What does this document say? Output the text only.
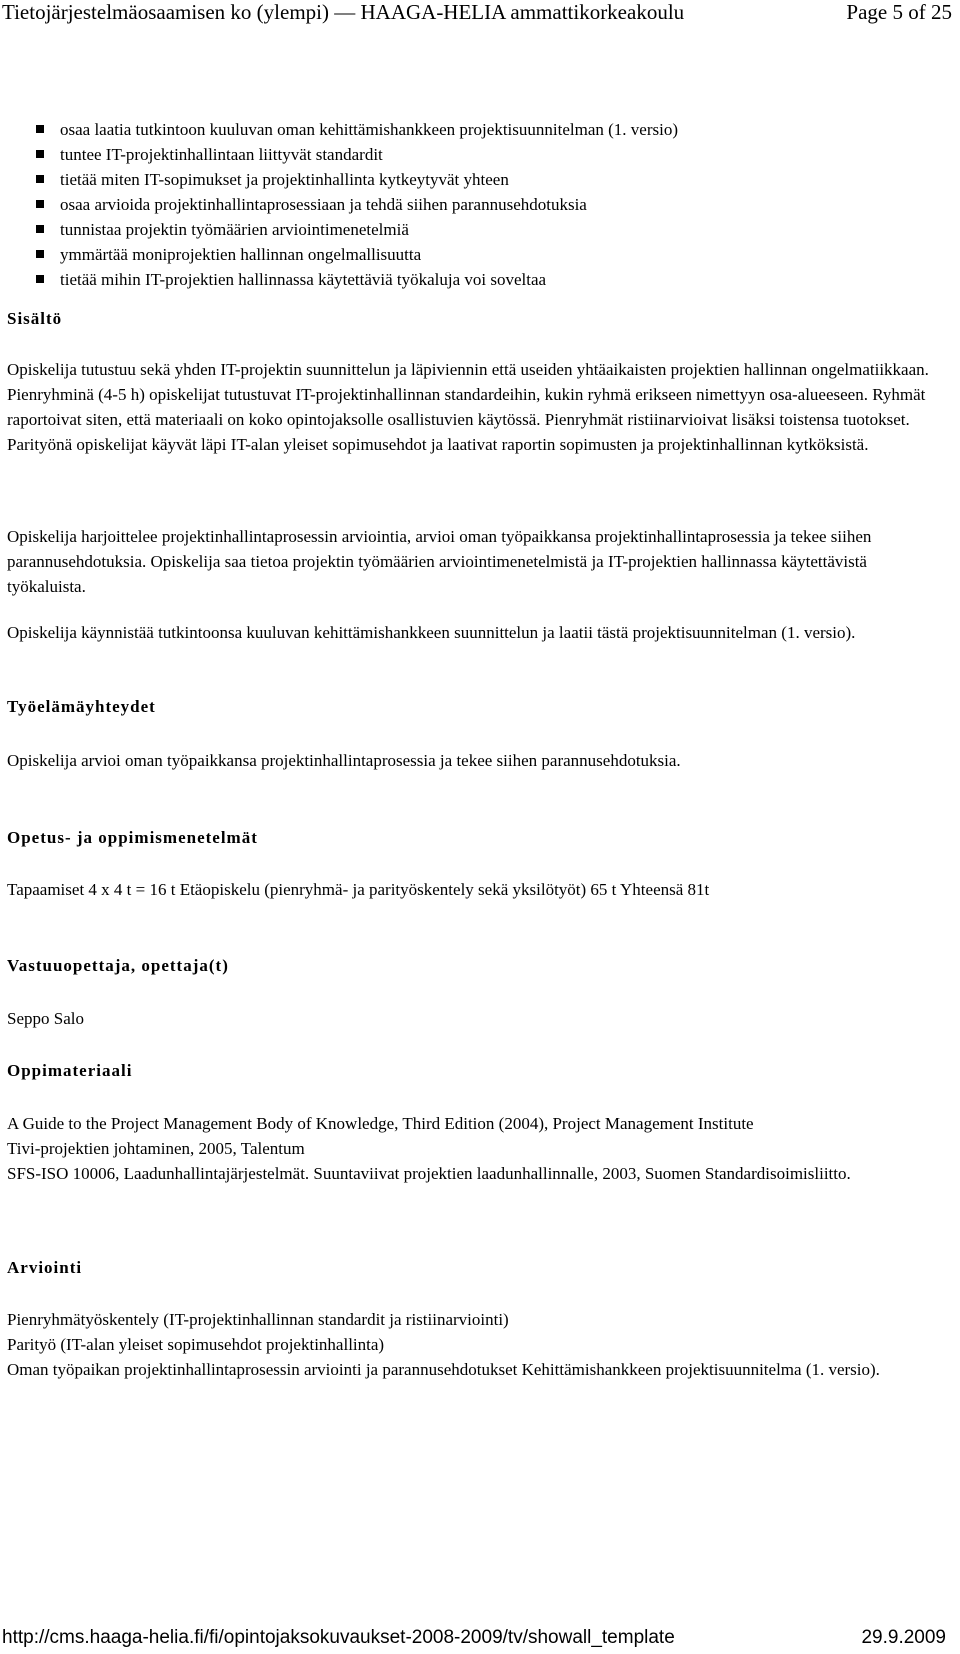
Tietojärjestelmäosaamisen ko (ylempi) — HAAGA-HELIA ammattikorkeakoulu	Page 5 of 25
osaa laatia tutkintoon kuuluvan oman kehittämishankkeen projektisuunnitelman (1. versio)
tuntee IT-projektinhallintaan liittyvät standardit
tietää miten IT-sopimukset ja projektinhallinta kytkeytyvät yhteen
osaa arvioida projektinhallintaprosessiaan ja tehdä siihen parannusehdotuksia
tunnistaa projektin työmäärien arviointimenetelmiä
ymmärtää moniprojektien hallinnan ongelmallisuutta
tietää mihin IT-projektien hallinnassa käytettäviä työkaluja voi soveltaa
Sisältö

Opiskelija tutustuu sekä yhden IT-projektin suunnittelun ja läpiviennin että useiden yhtäaikaisten projektien hallinnan ongelmatiikkaan. Pienryhminä (4-5 h) opiskelijat tutustuvat IT-projektinhallinnan standardeihin, kukin ryhmä erikseen nimettyyn osa-alueeseen. Ryhmät raportoivat siten, että materiaali on koko opintojaksolle osallistuvien käytössä. Pienryhmät ristiinarvioivat lisäksi toistensa tuotokset. Parityönä opiskelijat käyvät läpi IT-alan yleiset sopimusehdot ja laativat raportin sopimusten ja projektinhallinnan kytköksistä.

Opiskelija harjoittelee projektinhallintaprosessin arviointia, arvioi oman työpaikkansa projektinhallintaprosessia ja tekee siihen parannusehdotuksia. Opiskelija saa tietoa projektin työmäärien arviointimenetelmistä ja IT-projektien hallinnassa käytettävistä työkaluista.

Opiskelija käynnistää tutkintoonsa kuuluvan kehittämishankkeen suunnittelun ja laatii tästä projektisuunnitelman (1. versio).

Työelämäyhteydet

Opiskelija arvioi oman työpaikkansa projektinhallintaprosessia ja tekee siihen parannusehdotuksia.

Opetus- ja oppimismenetelmät

Tapaamiset 4 x 4 t = 16 t Etäopiskelu (pienryhmä- ja parityöskentely sekä yksilötyöt) 65 t Yhteensä 81t

Vastuuopettaja, opettaja(t)

Seppo Salo

Oppimateriaali

A Guide to the Project Management Body of Knowledge, Third Edition (2004), Project Management Institute

Tivi-projektien johtaminen, 2005, Talentum

SFS-ISO 10006, Laadunhallintajärjestelmät. Suuntaviivat projektien laadunhallinnalle, 2003, Suomen Standardisoimisliitto.

Arviointi

Pienryhmätyöskentely (IT-projektinhallinnan standardit ja ristiinarviointi)

Parityö (IT-alan yleiset sopimusehdot projektinhallinta)

Oman työpaikan projektinhallintaprosessin arviointi ja parannusehdotukset Kehittämishankkeen projektisuunnitelma (1. versio).

http://cms.haaga-helia.fi/fi/opintojaksokuvaukset-2008-2009/tv/showall_template	29.9.2009
